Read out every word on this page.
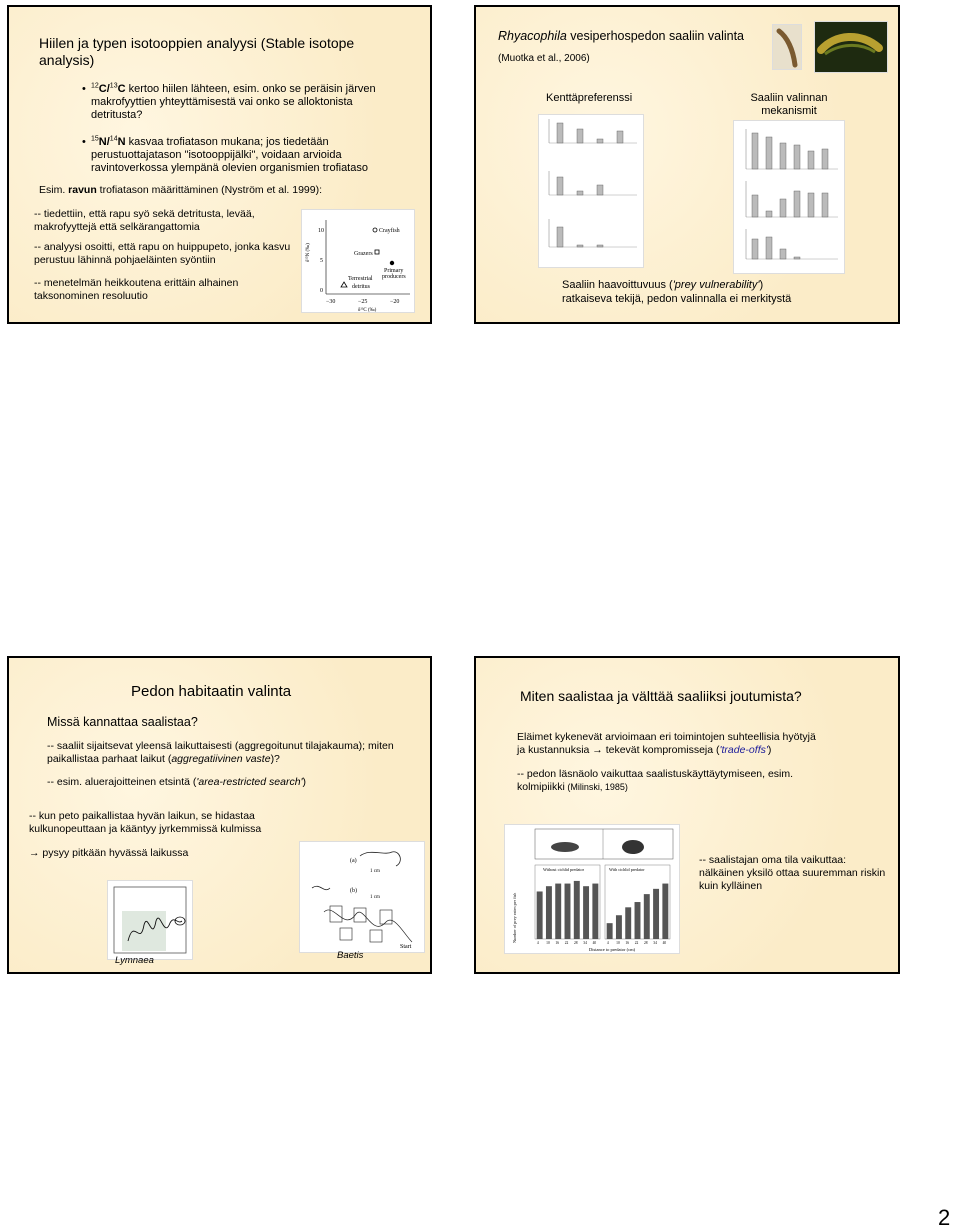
Hiilen ja typen isotooppien analyysi (Stable isotope analysis)
• $^{12}$C/$^{13}$C kertoo hiilen lähteen, esim. onko se peräisin järven makrofyyttien yhteyttämisestä vai onko se alloktonista detritusta?
• $^{15}$N/$^{14}$N kasvaa trofiatason mukana; jos tiedetään perustuottajatason "isotooppijälki", voidaan arvioida ravintoverkossa ylempänä olevien organismien trofiataso
Esim. ravun trofiatason määrittäminen (Nyström et al. 1999):
-- tiedettiin, että rapu syö sekä detritusta, levää, makrofyyttejä että selkärangattomia
-- analyysi osoitti, että rapu on huippupeto, jonka kasvu perustuu lähinnä pohjaeläinten syöntiin
-- menetelmän heikkoutena erittäin alhainen taksonominen resoluutio
10
5
0
δ¹⁵N (‰)
−30	−25	−20
δ¹³C (‰)
Crayfish
Grazers
Primary
producers
Terrestrial
detritus
Rhyacophila vesiperhospedon saaliin valinta
(Muotka et al., 2006)
Kenttäpreferenssi	Saaliin valinnan
mekanismit
Saaliin haavoittuvuus ('prey vulnerability')
ratkaiseva tekijä, pedon valinnalla ei merkitystä
Pedon habitaatin valinta
Missä kannattaa saalistaa?
-- saaliit sijaitsevat yleensä laikuttaisesti (aggregoitunut tilajakauma); miten paikallistaa parhaat laikut (aggregatiivinen vaste)?
-- esim. aluerajoitteinen etsintä ('area-restricted search')
-- kun peto paikallistaa hyvän laikun, se hidastaa kulkunopeuttaan ja kääntyy jyrkemmissä kulmissa
→ pysyy pitkään hyvässä laikussa
Lymnaea
(a)
(b)
1 cm
1 cm
Start
Baetis
Miten saalistaa ja välttää saaliiksi joutumista?
Eläimet kykenevät arvioimaan eri toimintojen suhteellisia hyötyjä
ja kustannuksia → tekevät kompromisseja ('trade-offs')
-- pedon läsnäolo vaikuttaa saalistuskäyttäytymiseen, esim.
kolmipiikki (Milinski, 1985)
-- saalistajan oma tila vaikuttaa: nälkäinen yksilö ottaa suuremman riskin kuin kylläinen
Number of prey eaten per fish
Distance to predator (cm)
Without cichlid predator	With cichlid predator
4 10 16 22 28 34 40	4 10 16 22 28 34 40
2
